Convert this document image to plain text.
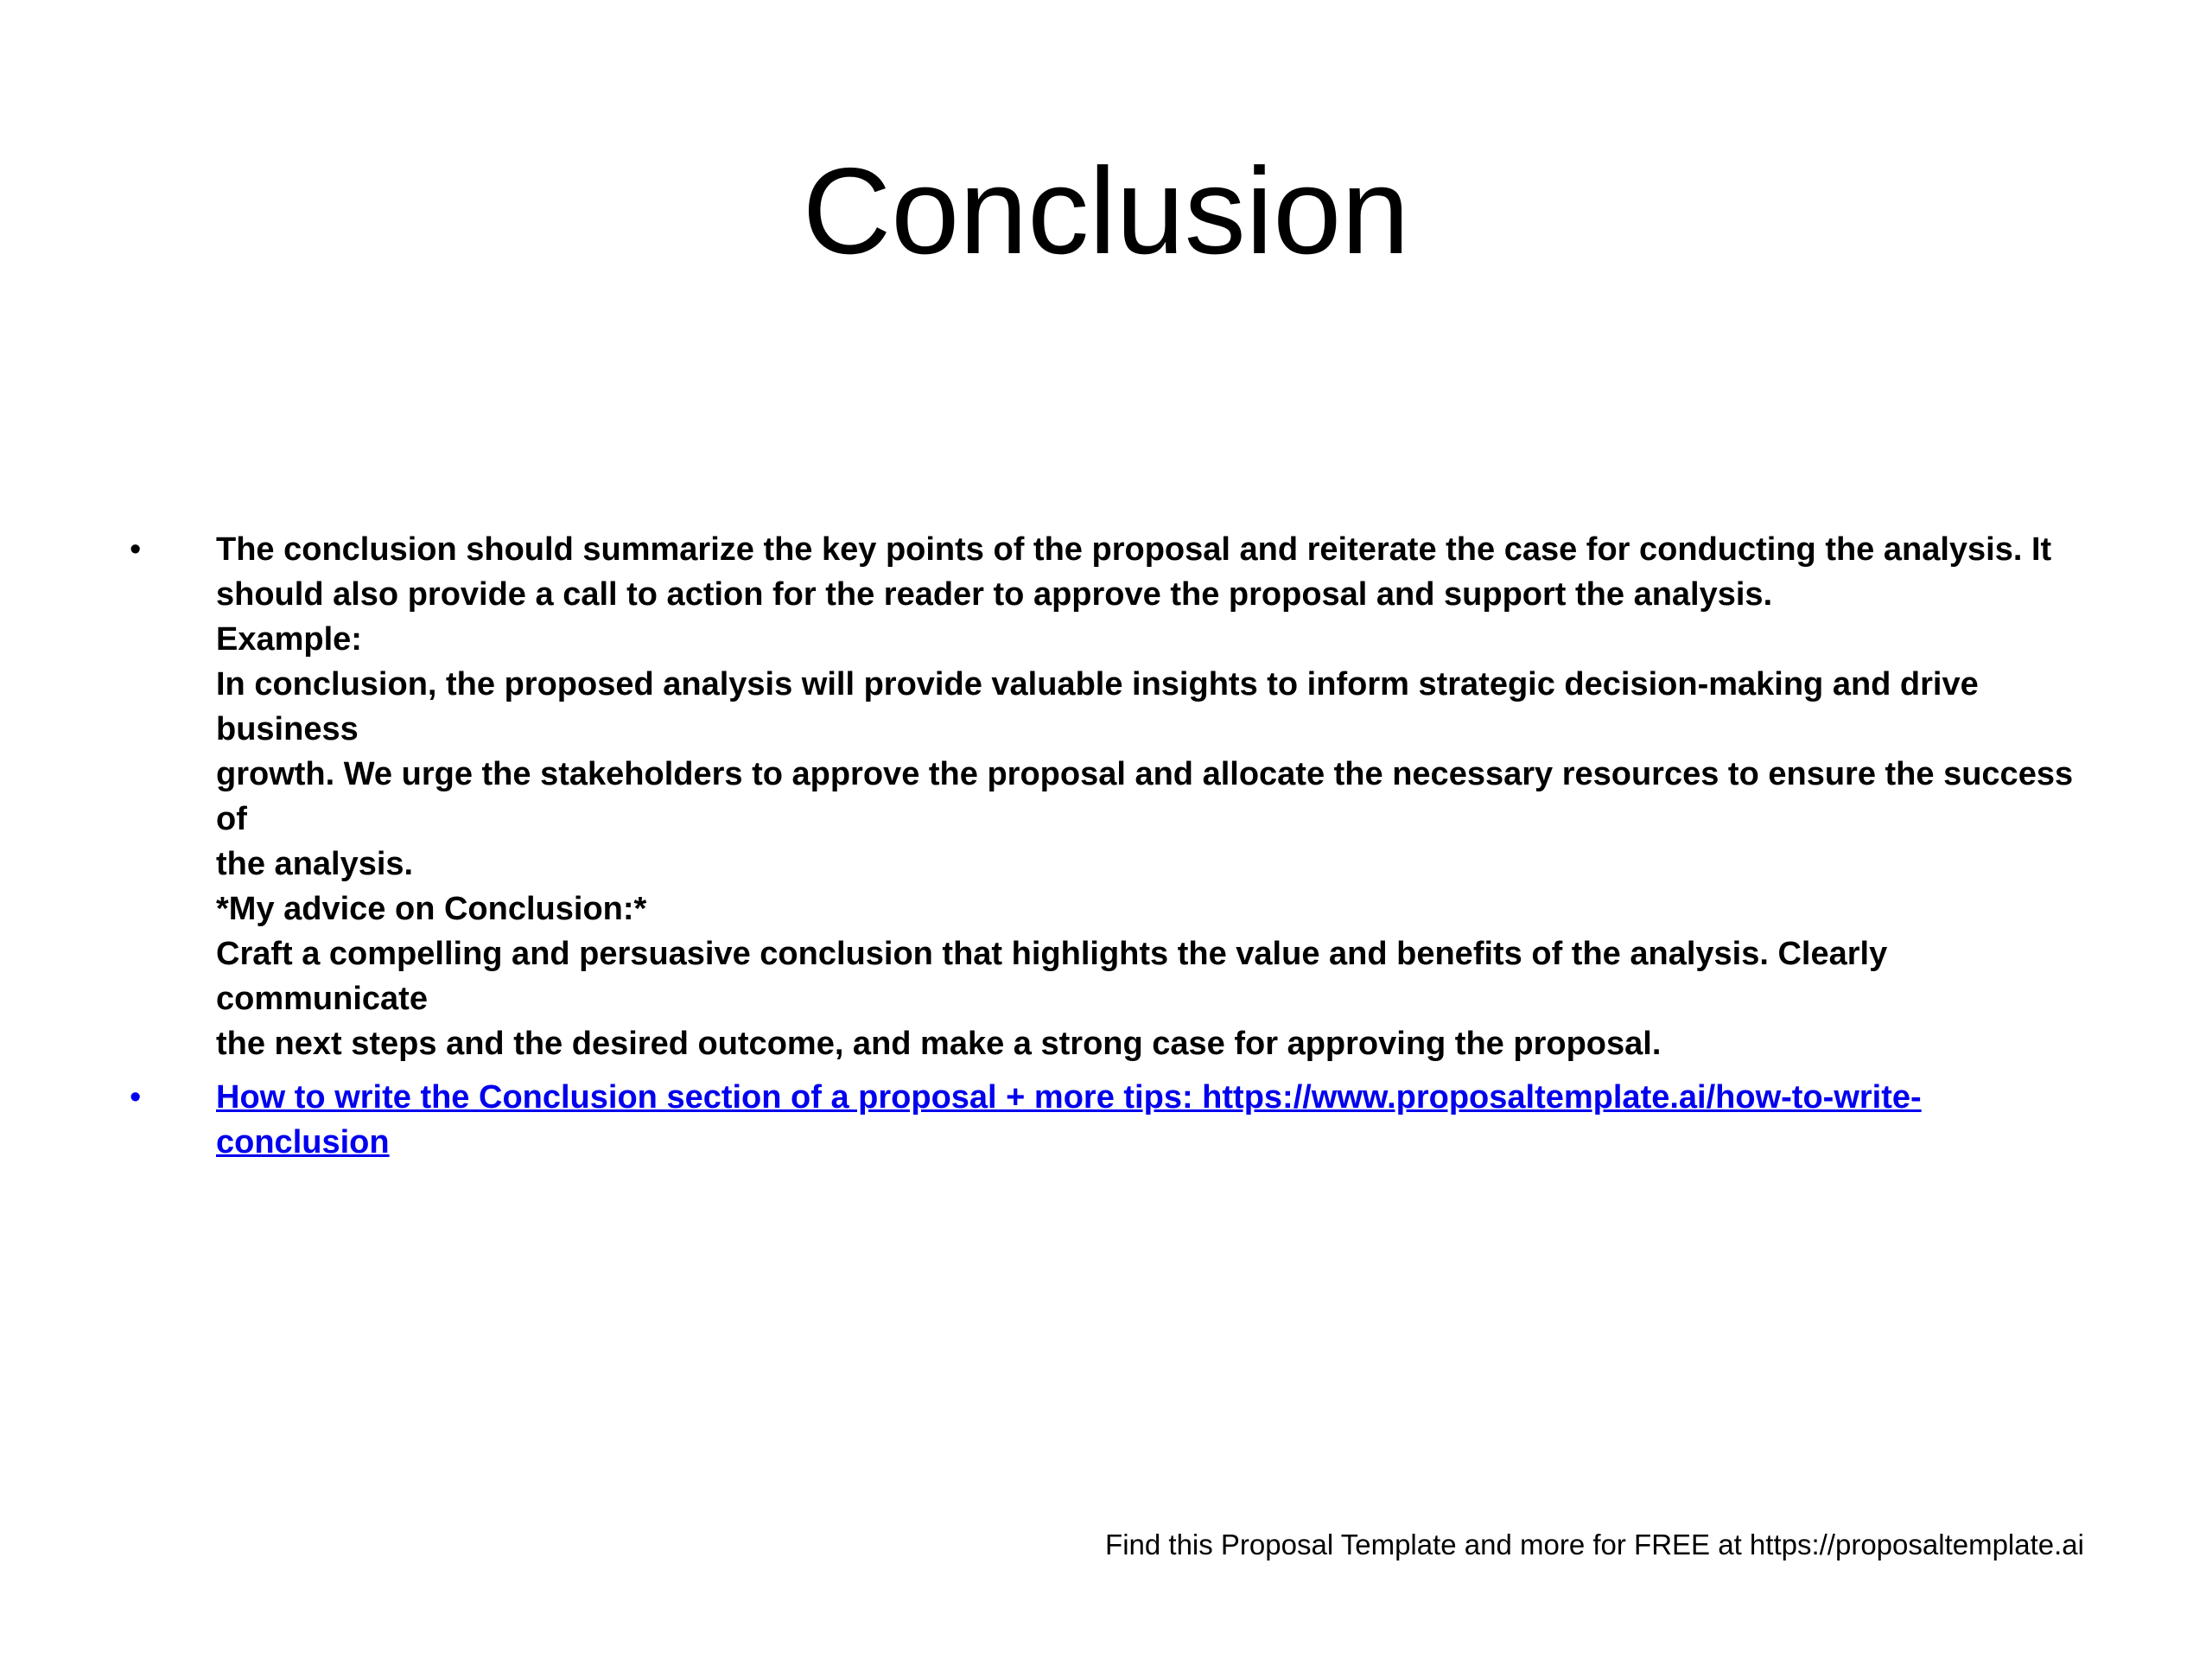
Conclusion
•	The conclusion should summarize the key points of the proposal and reiterate the case for conducting the analysis. It
should also provide a call to action for the reader to approve the proposal and support the analysis.
Example:
In conclusion, the proposed analysis will provide valuable insights to inform strategic decision-making and drive business
growth. We urge the stakeholders to approve the proposal and allocate the necessary resources to ensure the success of
the analysis.
*My advice on Conclusion:*
Craft a compelling and persuasive conclusion that highlights the value and benefits of the analysis. Clearly communicate
the next steps and the desired outcome, and make a strong case for approving the proposal.
•	How to write the Conclusion section of a proposal + more tips: https://www.proposaltemplate.ai/how-to-write-
conclusion
Find this Proposal Template and more for FREE at https://proposaltemplate.ai
